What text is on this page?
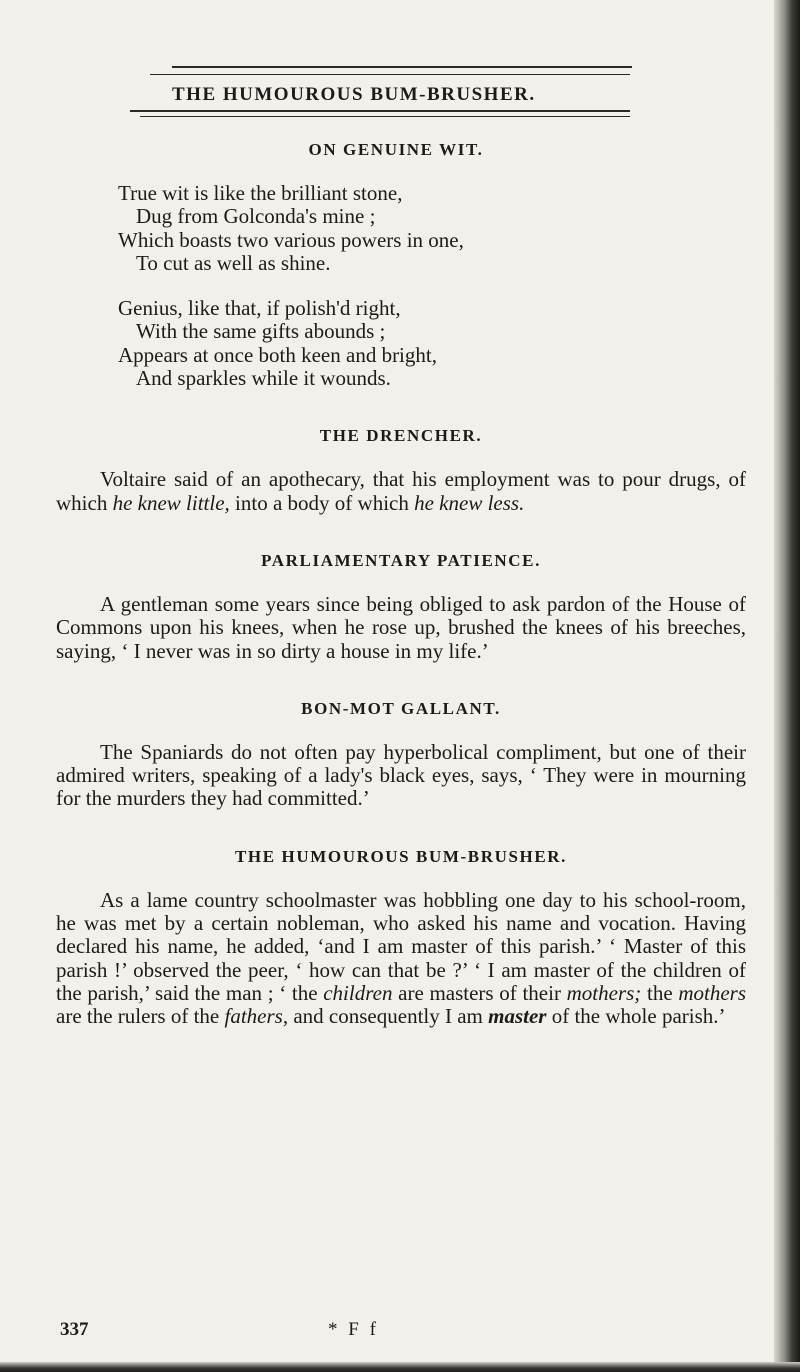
THE HUMOUROUS BUM-BRUSHER.

ON GENUINE WIT.

True wit is like the brilliant stone,
Dug from Golconda's mine ;
Which boasts two various powers in one,
To cut as well as shine.
Genius, like that, if polish'd right,
With the same gifts abounds ;
Appears at once both keen and bright,
And sparkles while it wounds.

THE DRENCHER.

Voltaire said of an apothecary, that his employment was to pour drugs, of which he knew little, into a body of which he knew less.

PARLIAMENTARY PATIENCE.

A gentleman some years since being obliged to ask pardon of the House of Commons upon his knees, when he rose up, brushed the knees of his breeches, saying, ‘ I never was in so dirty a house in my life.’

BON-MOT GALLANT.

The Spaniards do not often pay hyperbolical compliment, but one of their admired writers, speaking of a lady's black eyes, says, ‘ They were in mourning for the murders they had committed.’

THE HUMOUROUS BUM-BRUSHER.

As a lame country schoolmaster was hobbling one day to his school-room, he was met by a certain nobleman, who asked his name and vocation. Having declared his name, he added, ‘and I am master of this parish.’ ‘ Master of this parish !’ observed the peer, ‘ how can that be ?’ ‘ I am master of the children of the parish,’ said the man ; ‘ the children are masters of their mothers; the mothers are the rulers of the fathers, and consequently I am master of the whole parish.’

337	* F f
